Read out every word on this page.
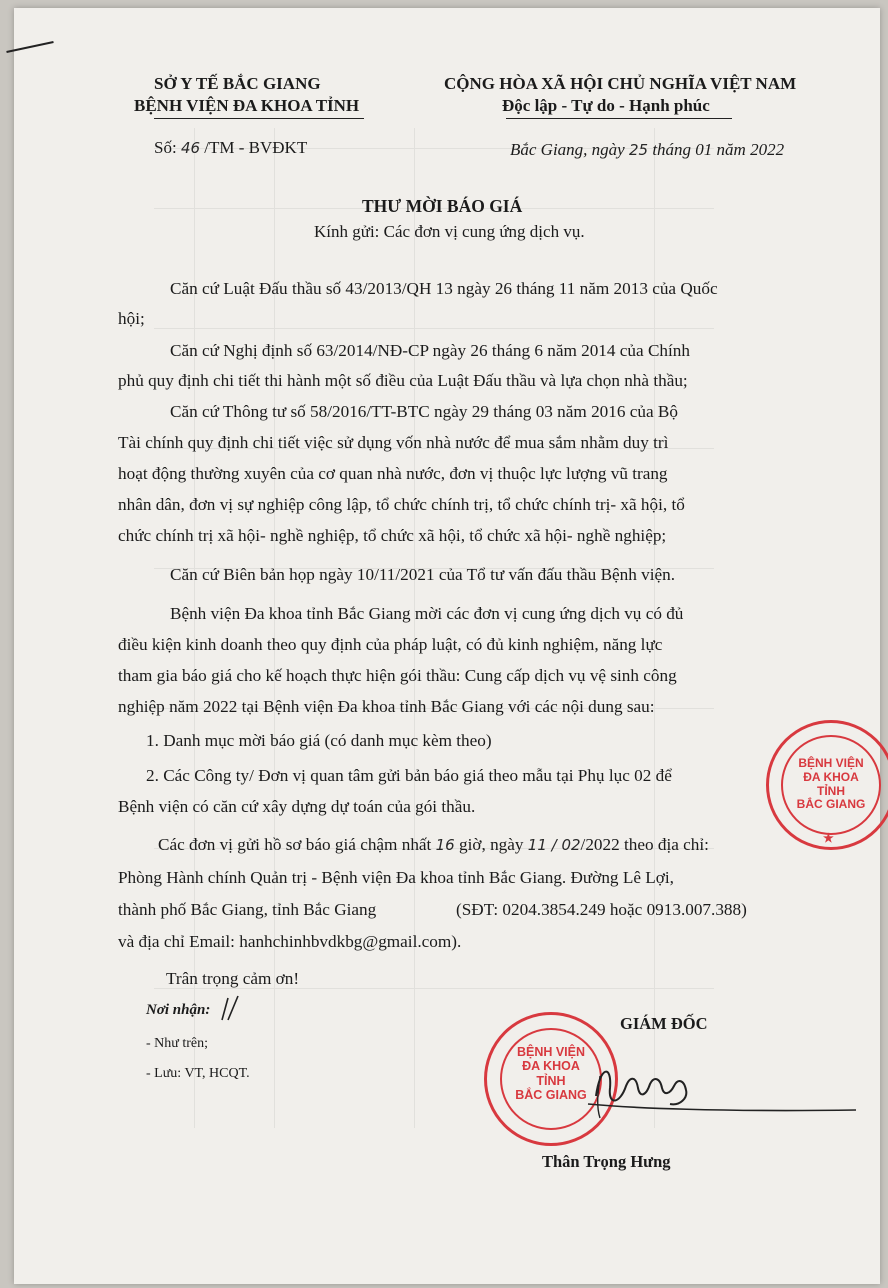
SỞ Y TẾ BẮC GIANG
BỆNH VIỆN ĐA KHOA TỈNH
CỘNG HÒA XÃ HỘI CHỦ NGHĨA VIỆT NAM
Độc lập - Tự do - Hạnh phúc
Số: 46 /TM - BVĐKT	Bắc Giang, ngày 25 tháng 01 năm 2022
THƯ MỜI BÁO GIÁ
Kính gửi: Các đơn vị cung ứng dịch vụ.
Căn cứ Luật Đấu thầu số 43/2013/QH 13 ngày 26 tháng 11 năm 2013 của Quốc
hội;
Căn cứ Nghị định số 63/2014/NĐ-CP ngày 26 tháng 6 năm 2014 của Chính
phủ quy định chi tiết thi hành một số điều của Luật Đấu thầu và lựa chọn nhà thầu;
Căn cứ Thông tư số 58/2016/TT-BTC ngày 29 tháng 03 năm 2016 của Bộ
Tài chính quy định chi tiết việc sử dụng vốn nhà nước để mua sắm nhằm duy trì
hoạt động thường xuyên của cơ quan nhà nước, đơn vị thuộc lực lượng vũ trang
nhân dân, đơn vị sự nghiệp công lập, tổ chức chính trị, tổ chức chính trị- xã hội, tổ
chức chính trị xã hội- nghề nghiệp, tổ chức xã hội, tổ chức xã hội- nghề nghiệp;
Căn cứ Biên bản họp ngày 10/11/2021 của Tổ tư vấn đấu thầu Bệnh viện.
Bệnh viện Đa khoa tỉnh Bắc Giang mời các đơn vị cung ứng dịch vụ có đủ
điều kiện kinh doanh theo quy định của pháp luật, có đủ kinh nghiệm, năng lực
tham gia báo giá cho kế hoạch thực hiện gói thầu: Cung cấp dịch vụ vệ sinh công
nghiệp năm 2022 tại Bệnh viện Đa khoa tỉnh Bắc Giang với các nội dung sau:
1. Danh mục mời báo giá (có danh mục kèm theo)
2. Các Công ty/ Đơn vị quan tâm gửi bản báo giá theo mẫu tại Phụ lục 02 để
Bệnh viện có căn cứ xây dựng dự toán của gói thầu.
Các đơn vị gửi hồ sơ báo giá chậm nhất 16 giờ, ngày 11 / 02/2022 theo địa chỉ:
Phòng Hành chính Quản trị - Bệnh viện Đa khoa tỉnh Bắc Giang. Đường Lê Lợi,
thành phố Bắc Giang, tỉnh Bắc Giang	(SĐT: 0204.3854.249 hoặc 0913.007.388)
và địa chỉ Email: hanhchinhbvdkbg@gmail.com).
Trân trọng cảm ơn!
Nơi nhận:
- Như trên;
- Lưu: VT, HCQT.
BỆNH VIỆN
ĐA KHOA
TỈNH
BẮC GIANG
★
GIÁM ĐỐC
BỆNH VIỆN
ĐA KHOA
TỈNH
BẮC GIANG
Thân Trọng Hưng
